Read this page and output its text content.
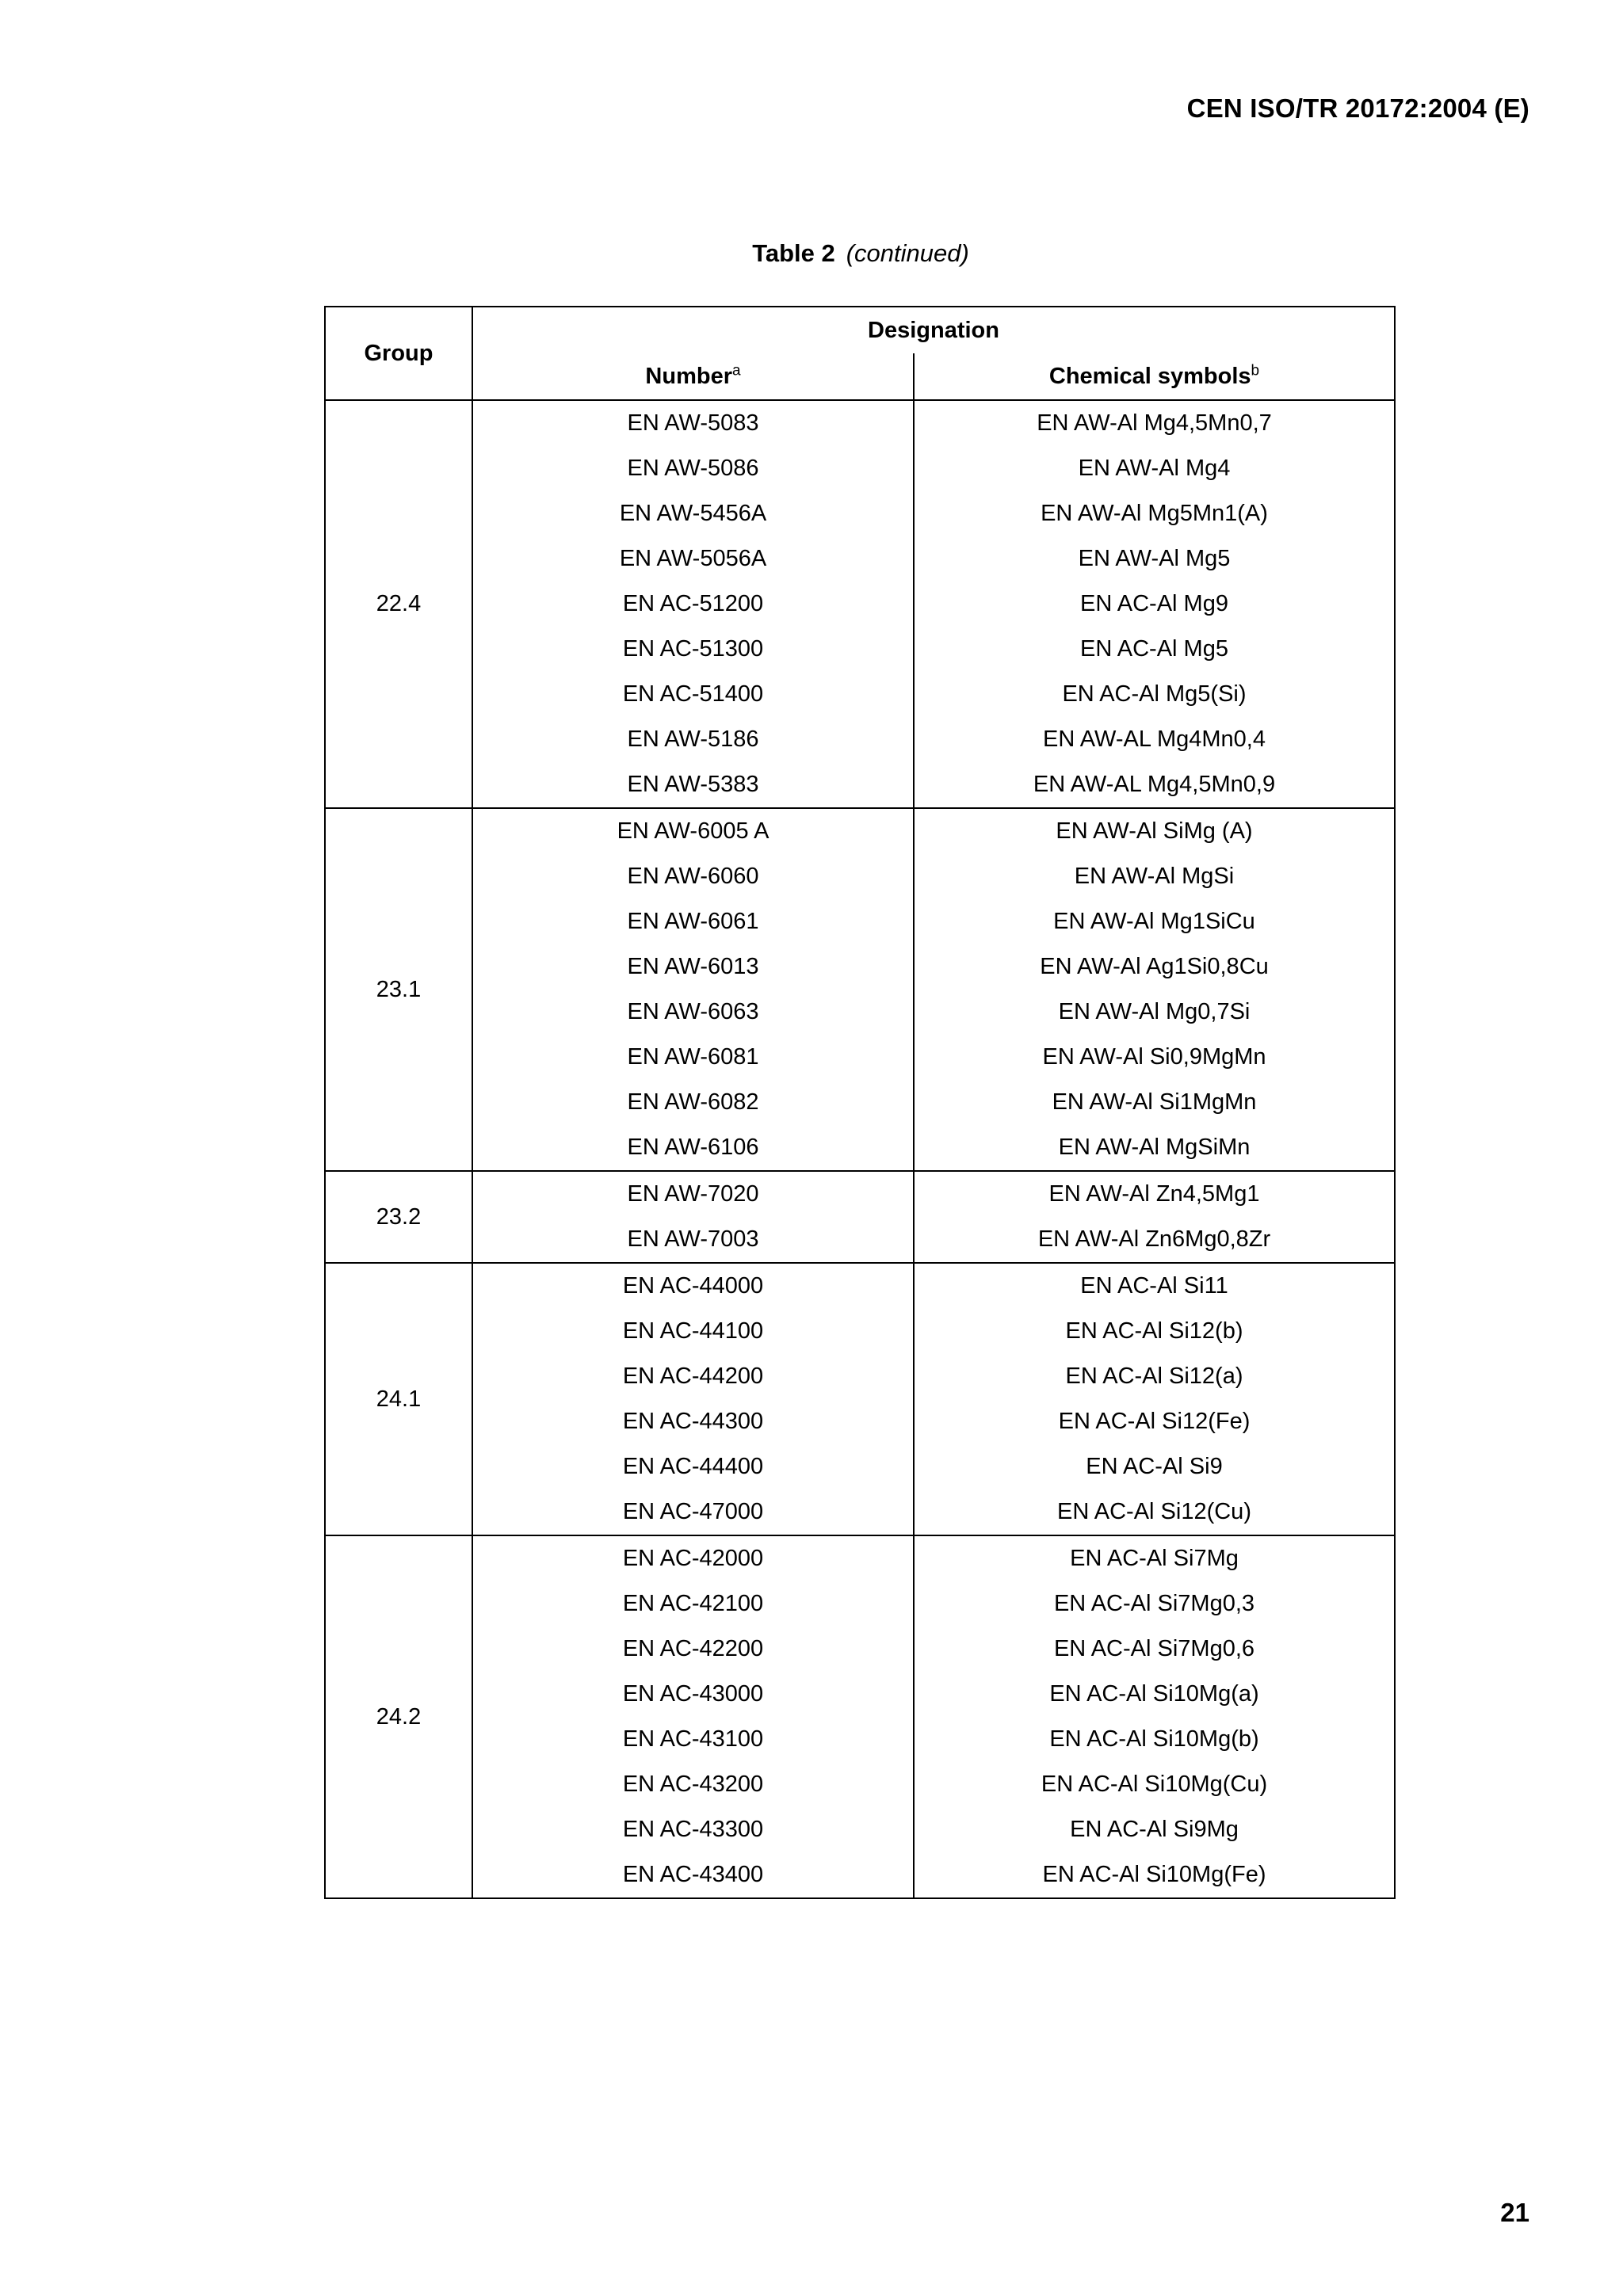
CEN ISO/TR 20172:2004 (E)
Table 2 (continued)
Group	Designation	
	Number$^a$	Chemical symbols$^b$
22.4	EN AW-5083	EN AW-Al Mg4,5Mn0,7
	EN AW-5086	EN AW-Al Mg4
	EN AW-5456A	EN AW-Al Mg5Mn1(A)
	EN AW-5056A	EN AW-Al Mg5
	EN AC-51200	EN AC-Al Mg9
	EN AC-51300	EN AC-Al Mg5
	EN AC-51400	EN AC-Al Mg5(Si)
	EN AW-5186	EN AW-AL Mg4Mn0,4
	EN AW-5383	EN AW-AL Mg4,5Mn0,9
23.1	EN AW-6005 A	EN AW-Al SiMg (A)
	EN AW-6060	EN AW-Al MgSi
	EN AW-6061	EN AW-Al Mg1SiCu
	EN AW-6013	EN AW-Al Ag1Si0,8Cu
	EN AW-6063	EN AW-Al Mg0,7Si
	EN AW-6081	EN AW-Al Si0,9MgMn
	EN AW-6082	EN AW-Al Si1MgMn
	EN AW-6106	EN AW-Al MgSiMn
23.2	EN AW-7020	EN AW-Al Zn4,5Mg1
	EN AW-7003	EN AW-Al Zn6Mg0,8Zr
24.1	EN AC-44000	EN AC-Al Si11
	EN AC-44100	EN AC-Al Si12(b)
	EN AC-44200	EN AC-Al Si12(a)
	EN AC-44300	EN AC-Al Si12(Fe)
	EN AC-44400	EN AC-Al Si9
	EN AC-47000	EN AC-Al Si12(Cu)
24.2	EN AC-42000	EN AC-Al Si7Mg
	EN AC-42100	EN AC-Al Si7Mg0,3
	EN AC-42200	EN AC-Al Si7Mg0,6
	EN AC-43000	EN AC-Al Si10Mg(a)
	EN AC-43100	EN AC-Al Si10Mg(b)
	EN AC-43200	EN AC-Al Si10Mg(Cu)
	EN AC-43300	EN AC-Al Si9Mg
	EN AC-43400	EN AC-Al Si10Mg(Fe)
21
